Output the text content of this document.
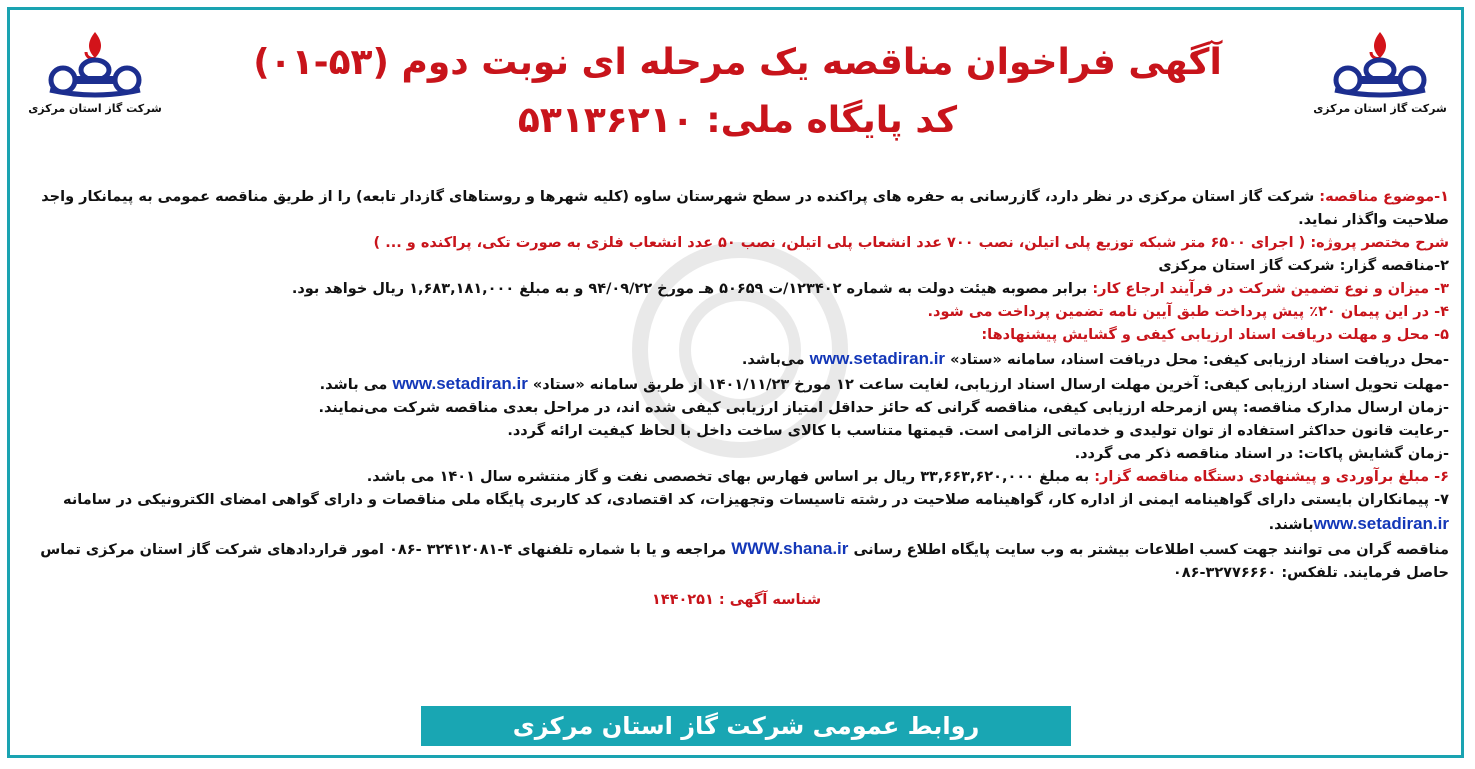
شرکت گاز استان مرکزی	شرکت گاز استان مرکزی
آگهی فراخوان مناقصه یک مرحله ای نوبت دوم (۵۳-۰۱)
کد پایگاه ملی: ۵۳۱۳۶۲۱۰

۱-موضوع مناقصه: شرکت گاز استان مرکزی در نظر دارد، گازرسانی به حفره های پراکنده در سطح شهرستان ساوه (کلیه شهرها و روستاهای گازدار تابعه) را از طریق مناقصه عمومی به پیمانکار واجد صلاحیت واگذار نماید.

شرح مختصر پروژه: ( اجرای ۶۵۰۰ متر شبکه توزیع پلی اتیلن، نصب ۷۰۰ عدد انشعاب پلی اتیلن، نصب ۵۰ عدد انشعاب فلزی به صورت تکی، پراکنده و ... )

۲-مناقصه گزار: شرکت گاز استان مرکزی

۳- میزان و نوع تضمین شرکت در فرآیند ارجاع کار: برابر مصوبه هیئت دولت به شماره ۱۲۳۴۰۲/ت ۵۰۶۵۹ هـ مورخ ۹۴/۰۹/۲۲ و به مبلغ ۱,۶۸۳,۱۸۱,۰۰۰ ریال خواهد بود.

۴- در این پیمان ۲۰٪ پیش پرداخت طبق آیین نامه تضمین پرداخت می شود.

۵- محل و مهلت دریافت اسناد ارزیابی کیفی و گشایش پیشنهادها:

-محل دریافت اسناد ارزیابی کیفی: محل دریافت اسناد، سامانه «ستاد» www.setadiran.ir می‌باشد.

-مهلت تحویل اسناد ارزیابی کیفی: آخرین مهلت ارسال اسناد ارزیابی، لغایت ساعت ۱۲ مورخ ۱۴۰۱/۱۱/۲۳ از طریق سامانه «ستاد» www.setadiran.ir می باشد.

-زمان ارسال مدارک مناقصه: پس ازمرحله ارزیابی کیفی، مناقصه گرانی که حائز حداقل امتیاز ارزیابی کیفی شده اند، در مراحل بعدی مناقصه شرکت می‌نمایند.

-رعایت قانون حداکثر استفاده از توان تولیدی و خدماتی الزامی است. قیمتها متناسب با کالای ساخت داخل با لحاظ کیفیت ارائه گردد.

-زمان گشایش پاکات: در اسناد مناقصه ذکر می گردد.

۶- مبلغ برآوردی و پیشنهادی دستگاه مناقصه گزار: به مبلغ ۳۳,۶۶۳,۶۲۰,۰۰۰ ریال بر اساس فهارس بهای تخصصی نفت و گاز منتشره سال ۱۴۰۱ می باشد.

۷- پیمانکاران بایستی دارای گواهینامه ایمنی از اداره کار، گواهینامه صلاحیت در رشته تاسیسات وتجهیزات، کد اقتصادی، کد کاربری پایگاه ملی مناقصات و دارای گواهی امضای الکترونیکی در سامانه

www.setadiran.irباشند.

مناقصه گران می توانند جهت کسب اطلاعات بیشتر به وب سایت پایگاه اطلاع رسانی WWW.shana.ir مراجعه و یا با شماره تلفنهای ۴-۳۲۴۱۲۰۸۱ -۰۸۶ امور قراردادهای شرکت گاز استان مرکزی تماس حاصل فرمایند. تلفکس: ۳۲۷۷۶۶۶۰-۰۸۶

شناسه آگهی : ۱۴۴۰۲۵۱

روابط عمومی شرکت گاز استان مرکزی
